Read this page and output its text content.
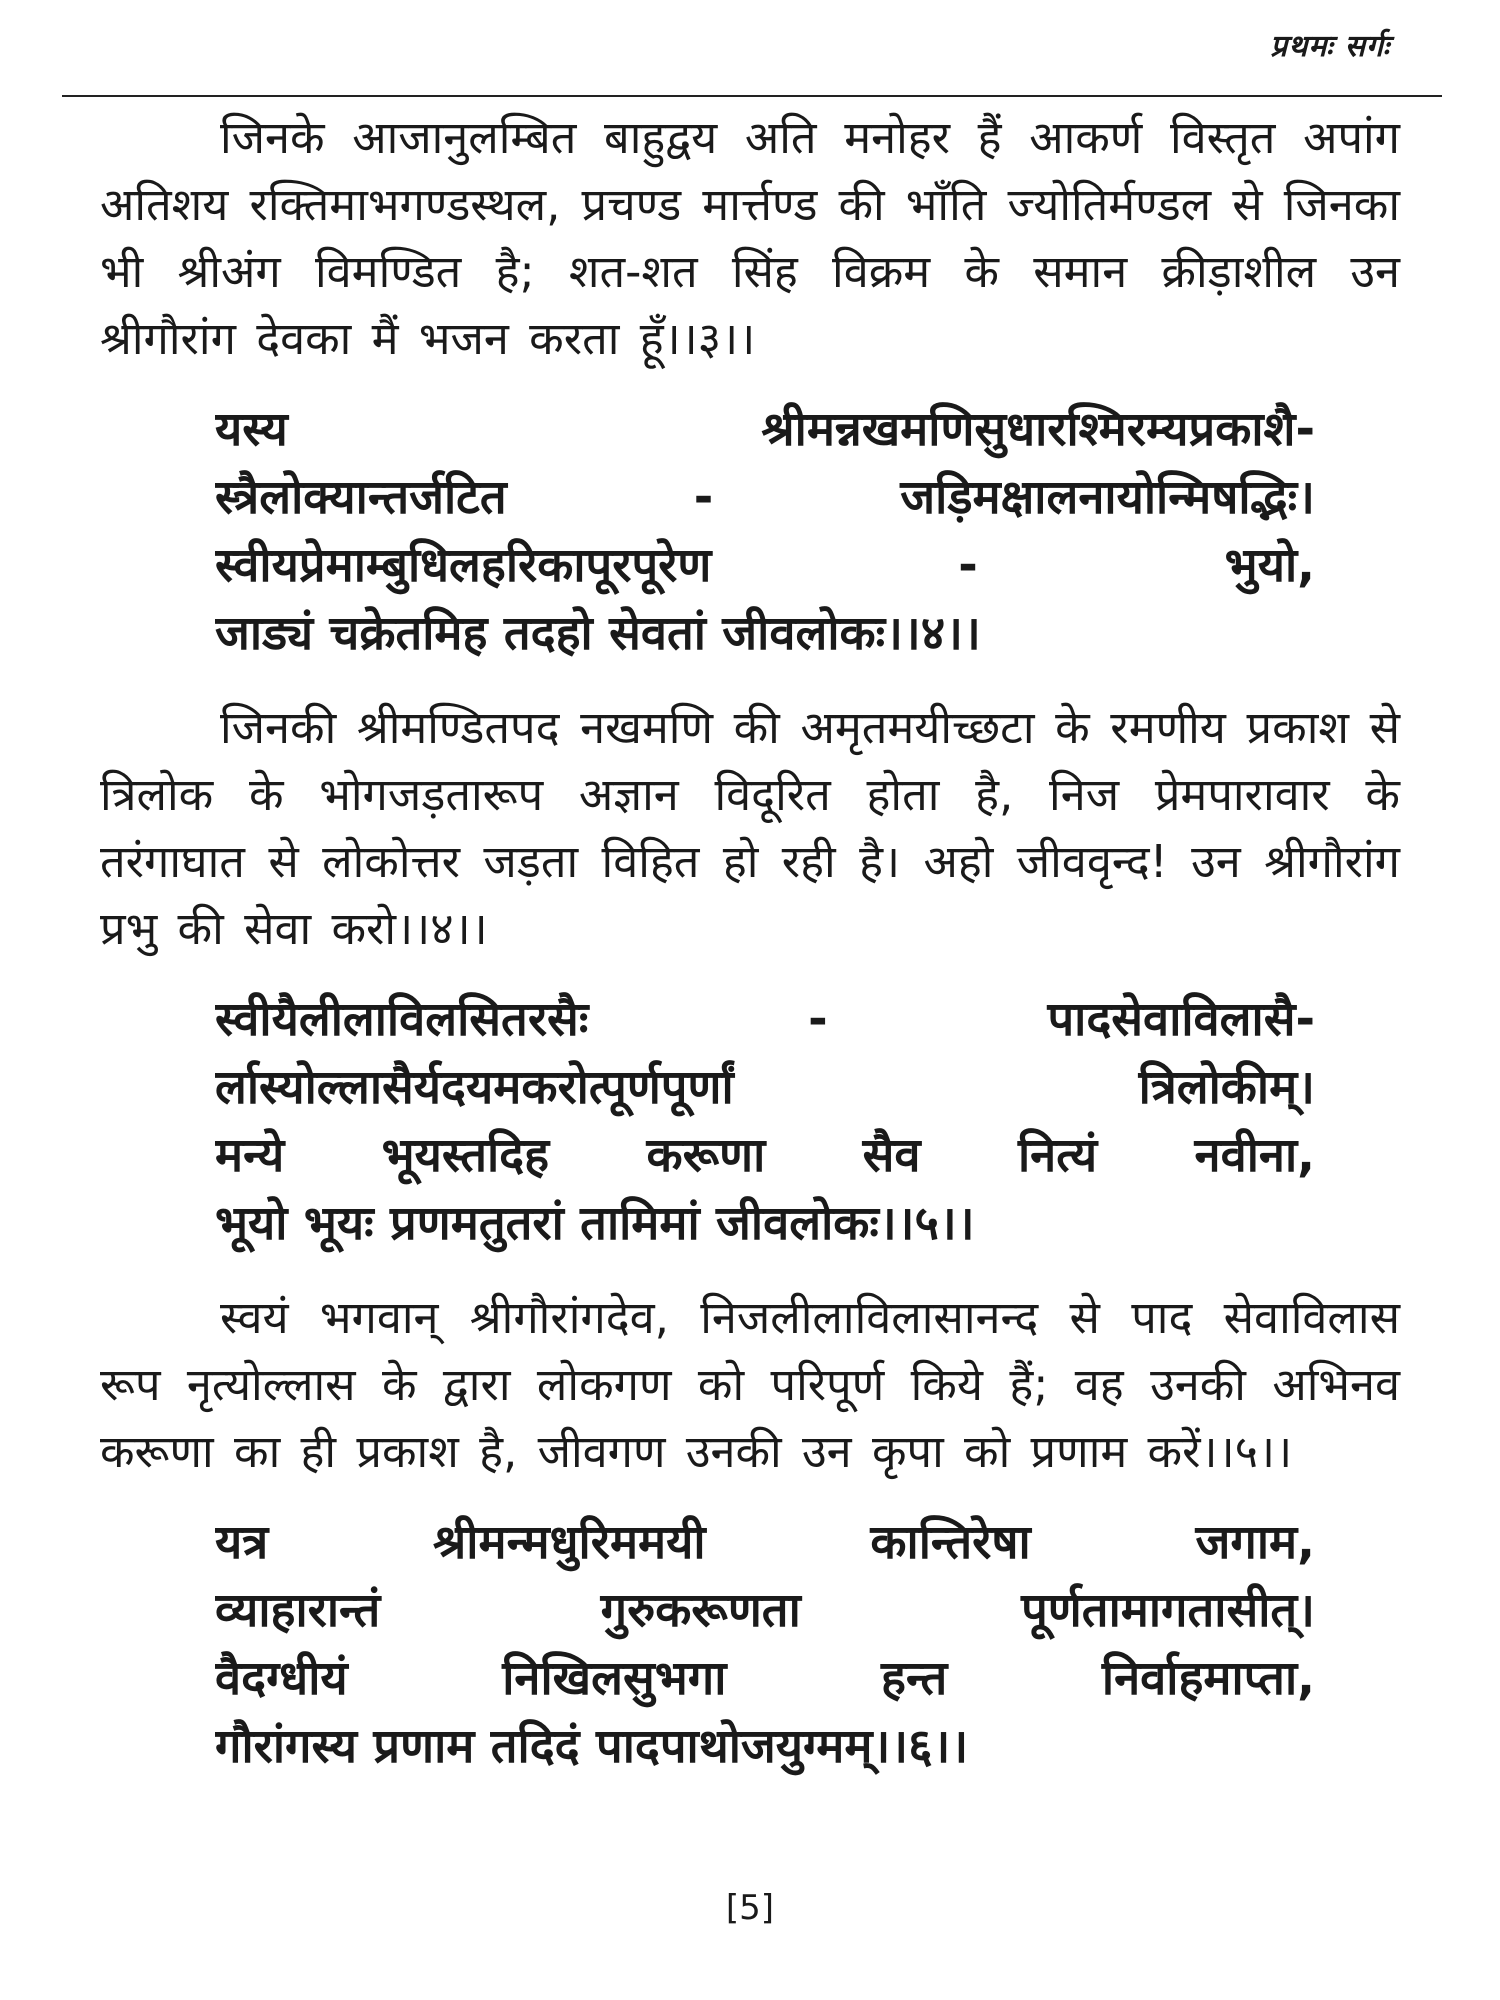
प्रथमः सर्गः

जिनके आजानुलम्बित बाहुद्वय अति मनोहर हैं आकर्ण विस्तृत अपांग अतिशय रक्तिमाभगण्डस्थल, प्रचण्ड मार्त्तण्ड की भाँति ज्योतिर्मण्डल से जिनका भी श्रीअंग विमण्डित है; शत-शत सिंह विक्रम के समान क्रीड़ाशील उन श्रीगौरांग देवका मैं भजन करता हूँ।।३।।

यस्य श्रीमन्नखमणिसुधारश्मिरम्यप्रकाशै-
स्त्रैलोक्यान्तर्जटित - जड़िमक्षालनायोन्मिषद्भिः।
स्वीयप्रेमाम्बुधिलहरिकापूरपूरेण - भुयो,
जाड्यं चक्रेतमिह तदहो सेवतां जीवलोकः।।४।।

जिनकी श्रीमण्डितपद नखमणि की अमृतमयीच्छटा के रमणीय प्रकाश से त्रिलोक के भोगजड़तारूप अज्ञान विदूरित होता है, निज प्रेमपारावार के तरंगाघात से लोकोत्तर जड़ता विहित हो रही है। अहो जीववृन्द! उन श्रीगौरांग प्रभु की सेवा करो।।४।।

स्वीयैलीलाविलसितरसैः - पादसेवाविलासै-
र्लास्योल्लासैर्यदयमकरोत्पूर्णपूर्णां त्रिलोकीम्।
मन्ये भूयस्तदिह करूणा सैव नित्यं नवीना,
भूयो भूयः प्रणमतुतरां तामिमां जीवलोकः।।५।।

स्वयं भगवान् श्रीगौरांगदेव, निजलीलाविलासानन्द से पाद सेवाविलास रूप नृत्योल्लास के द्वारा लोकगण को परिपूर्ण किये हैं; वह उनकी अभिनव करूणा का ही प्रकाश है, जीवगण उनकी उन कृपा को प्रणाम करें।।५।।

यत्र श्रीमन्मधुरिममयी कान्तिरेषा जगाम,
व्याहारान्तं गुरुकरूणता पूर्णतामागतासीत्।
वैदग्धीयं निखिलसुभगा हन्त निर्वाहमाप्ता,
गौरांगस्य प्रणाम तदिदं पादपाथोजयुग्मम्।।६।।
[5]
